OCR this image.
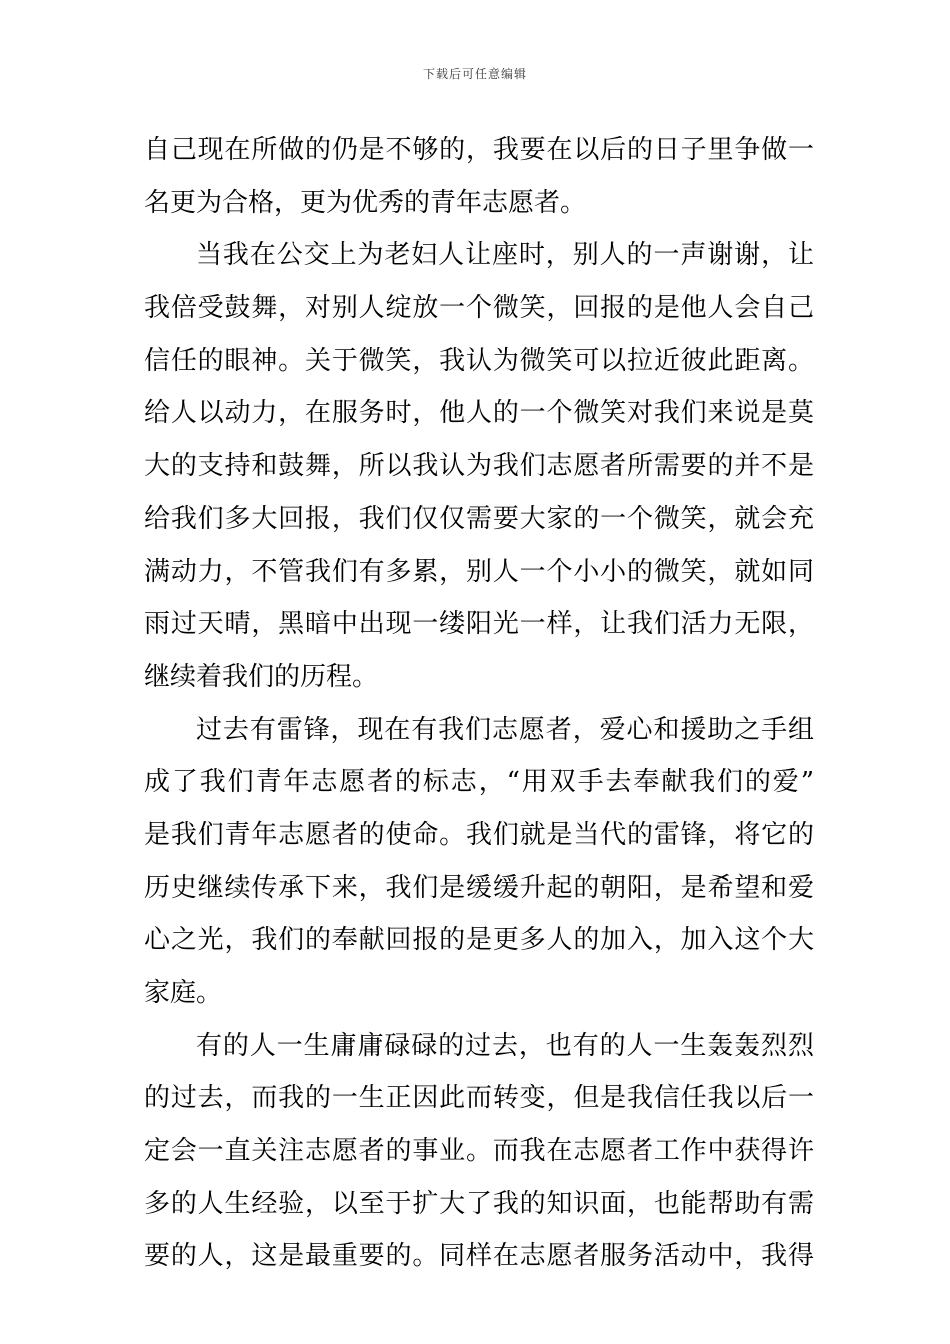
下载后可任意编辑
自己现在所做的仍是不够的，我要在以后的日子里争做一
名更为合格，更为优秀的青年志愿者。
当我在公交上为老妇人让座时，别人的一声谢谢，让
我倍受鼓舞，对别人绽放一个微笑，回报的是他人会自己
信任的眼神。关于微笑，我认为微笑可以拉近彼此距离。
给人以动力，在服务时，他人的一个微笑对我们来说是莫
大的支持和鼓舞，所以我认为我们志愿者所需要的并不是
给我们多大回报，我们仅仅需要大家的一个微笑，就会充
满动力，不管我们有多累，别人一个小小的微笑，就如同
雨过天晴，黑暗中出现一缕阳光一样，让我们活力无限，
继续着我们的历程。
过去有雷锋，现在有我们志愿者，爱心和援助之手组
成了我们青年志愿者的标志，“用双手去奉献我们的爱”
是我们青年志愿者的使命。我们就是当代的雷锋，将它的
历史继续传承下来，我们是缓缓升起的朝阳，是希望和爱
心之光，我们的奉献回报的是更多人的加入，加入这个大
家庭。
有的人一生庸庸碌碌的过去，也有的人一生轰轰烈烈
的过去，而我的一生正因此而转变，但是我信任我以后一
定会一直关注志愿者的事业。而我在志愿者工作中获得许
多的人生经验，以至于扩大了我的知识面，也能帮助有需
要的人，这是最重要的。同样在志愿者服务活动中，我得
